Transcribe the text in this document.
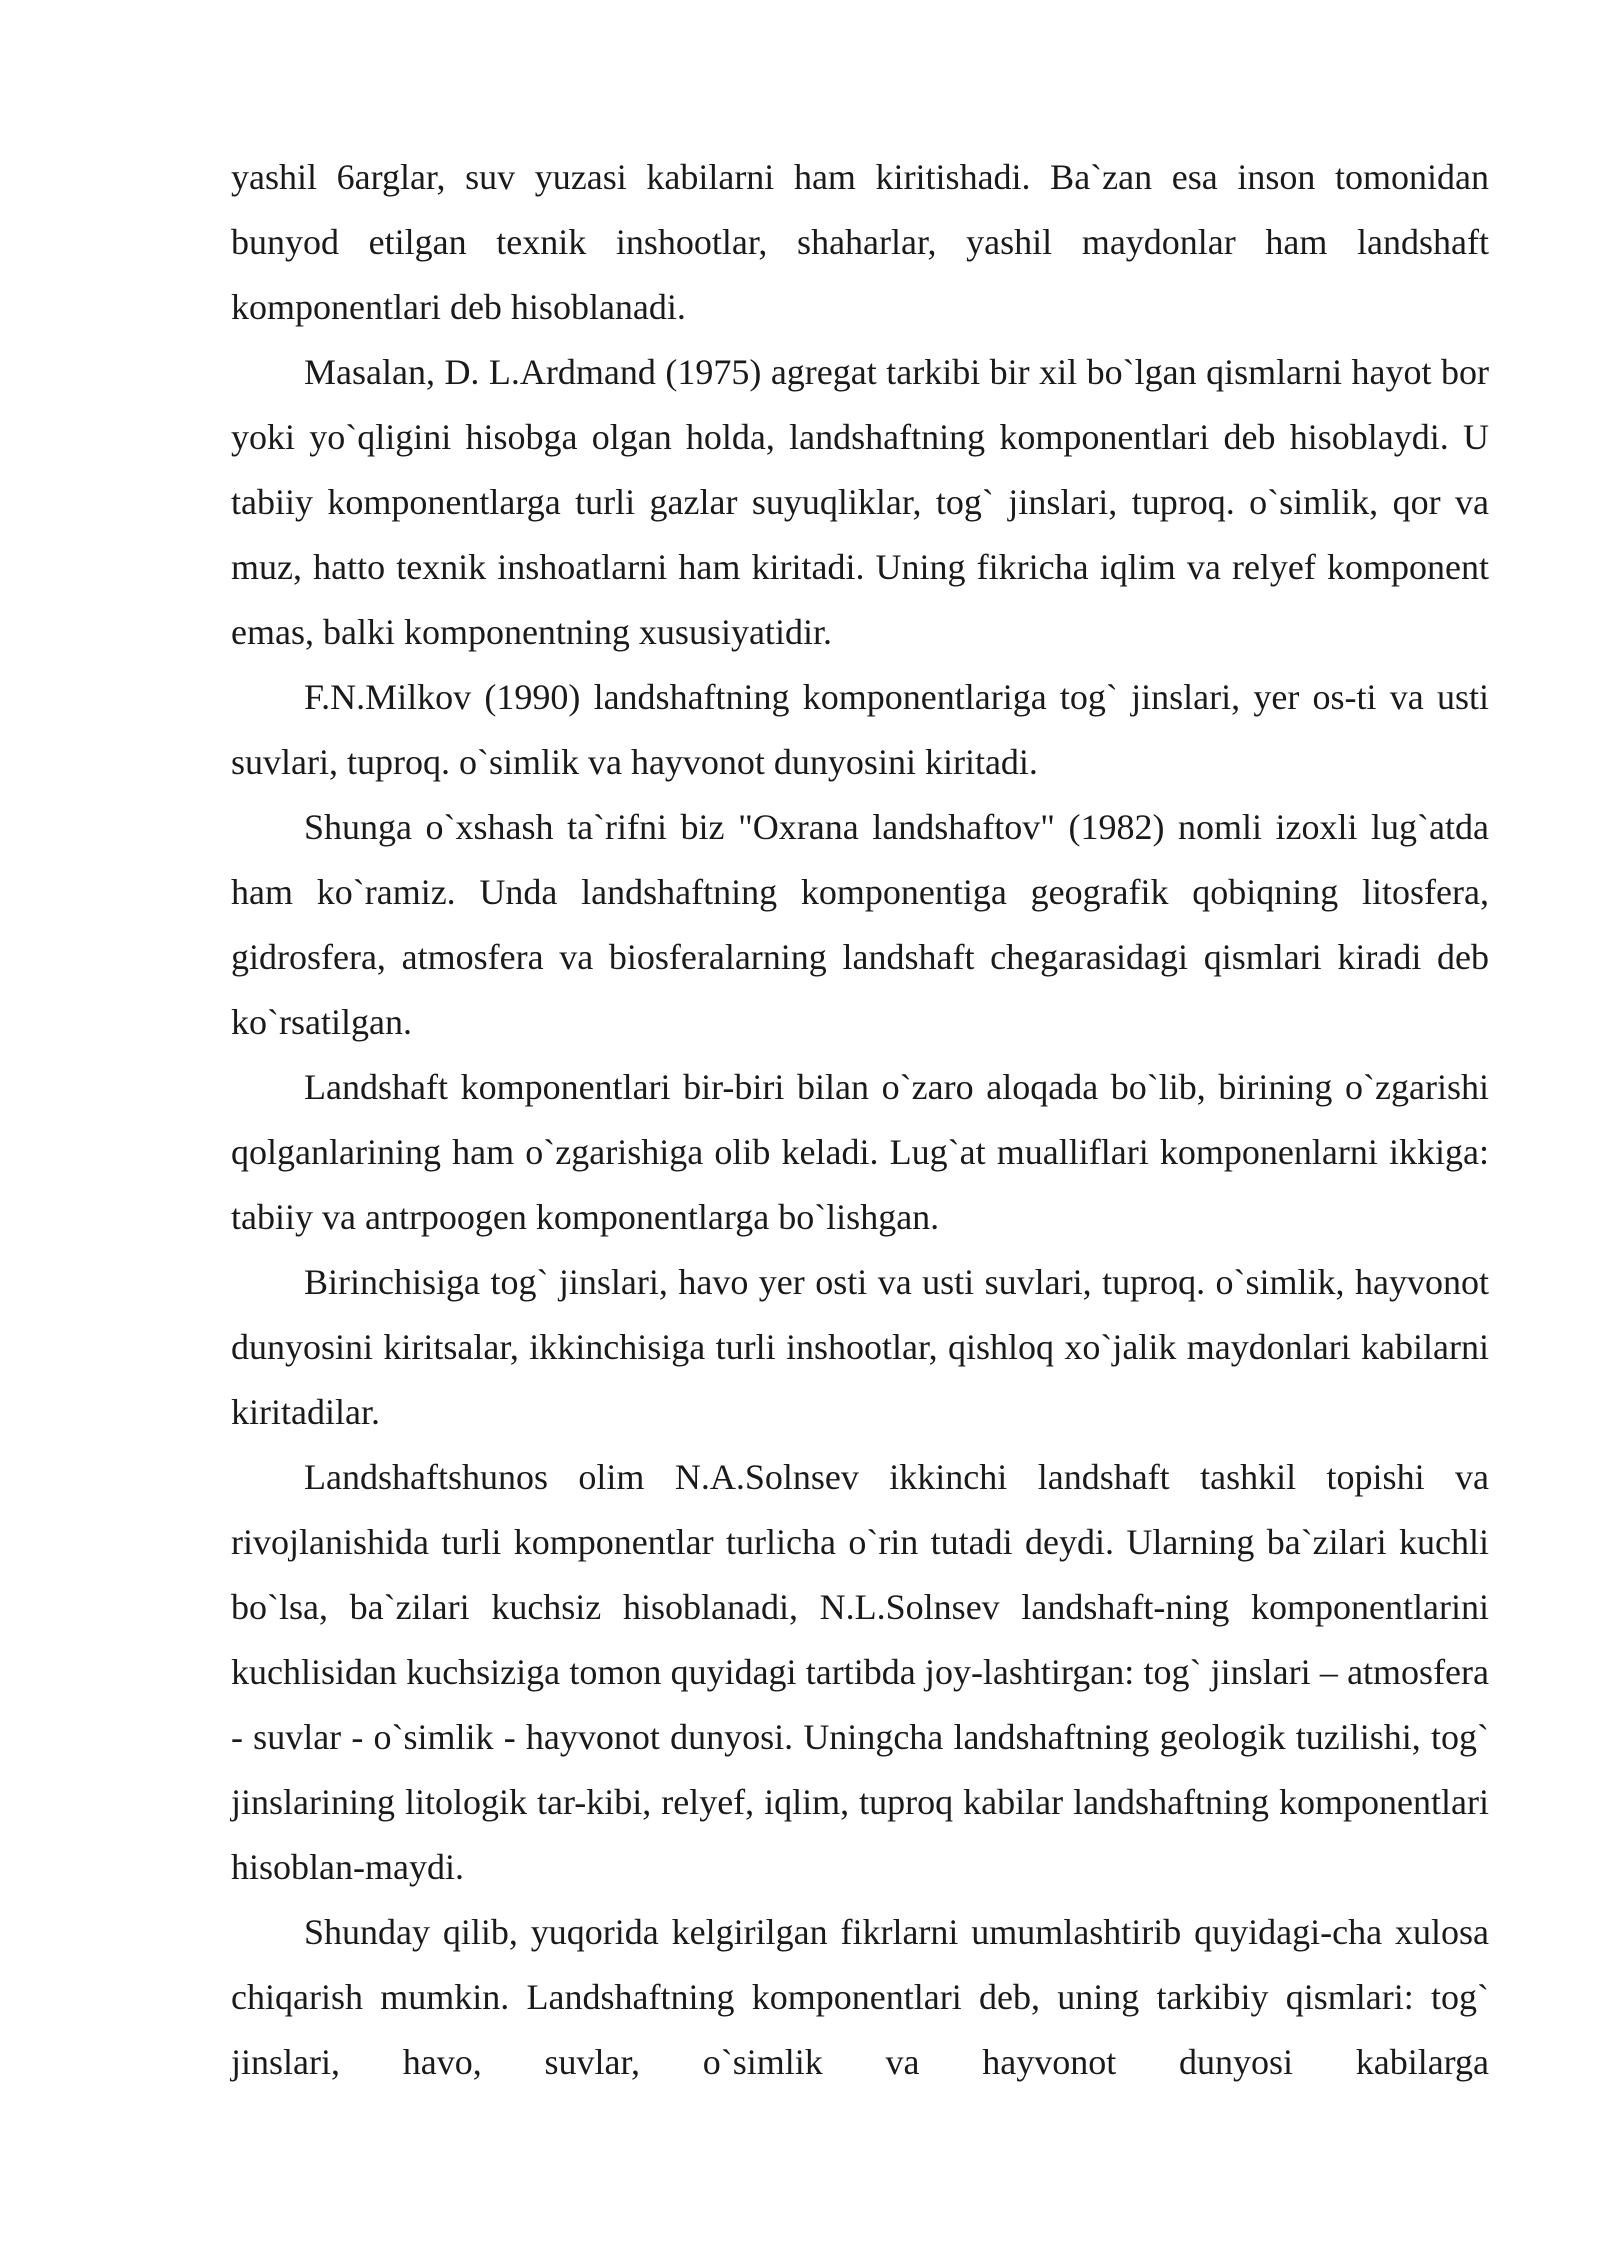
yashil 6arglar, suv yuzasi kabilarni ham kiritishadi. Ba`zan esa inson tomonidan bunyod etilgan texnik inshootlar, shaharlar, yashil maydonlar ham landshaft komponentlari deb hisoblanadi.

Masalan, D. L.Ardmand (1975) agregat tarkibi bir xil bo`lgan qismlarni hayot bor yoki yo`qligini hisobga olgan holda, landshaftning komponentlari deb hisoblaydi. U tabiiy komponentlarga turli gazlar suyuqliklar, tog` jinslari, tuproq. o`simlik, qor va muz, hatto texnik inshoatlarni ham kiritadi. Uning fikricha iqlim va relyef komponent emas, balki komponentning xususiyatidir.

F.N.Milkov (1990) landshaftning komponentlariga tog` jinslari, yer os-ti va usti suvlari, tuproq. o`simlik va hayvonot dunyosini kiritadi.

Shunga o`xshash ta`rifni biz "Oxrana landshaftov" (1982) nomli izoxli lug`atda ham ko`ramiz. Unda landshaftning komponentiga geografik qobiqning litosfera, gidrosfera, atmosfera va biosferalarning landshaft chegarasidagi qismlari kiradi deb ko`rsatilgan.

Landshaft komponentlari bir-biri bilan o`zaro aloqada bo`lib, birining o`zgarishi qolganlarining ham o`zgarishiga olib keladi. Lug`at mualliflari komponenlarni ikkiga: tabiiy va antrpoogen komponentlarga bo`lishgan.

Birinchisiga tog` jinslari, havo yer osti va usti suvlari, tuproq. o`simlik, hayvonot dunyosini kiritsalar, ikkinchisiga turli inshootlar, qishloq xo`jalik maydonlari kabilarni kiritadilar.

Landshaftshunos olim N.A.Solnsev ikkinchi landshaft tashkil topishi va rivojlanishida turli komponentlar turlicha o`rin tutadi deydi. Ularning ba`zilari kuchli bo`lsa, ba`zilari kuchsiz hisoblanadi, N.L.Solnsev landshaft-ning komponentlarini kuchlisidan kuchsiziga tomon quyidagi tartibda joy-lashtirgan: tog` jinslari – atmosfera - suvlar - o`simlik - hayvonot dunyosi. Uningcha landshaftning geologik tuzilishi, tog` jinslarining litologik tar-kibi, relyef, iqlim, tuproq kabilar landshaftning komponentlari hisoblan-maydi.

Shunday qilib, yuqorida kelgirilgan fikrlarni umumlashtirib quyidagi-cha xulosa chiqarish mumkin. Landshaftning komponentlari deb, uning tarkibiy qismlari: tog` jinslari, havo, suvlar, o`simlik va hayvonot dunyosi kabilarga
